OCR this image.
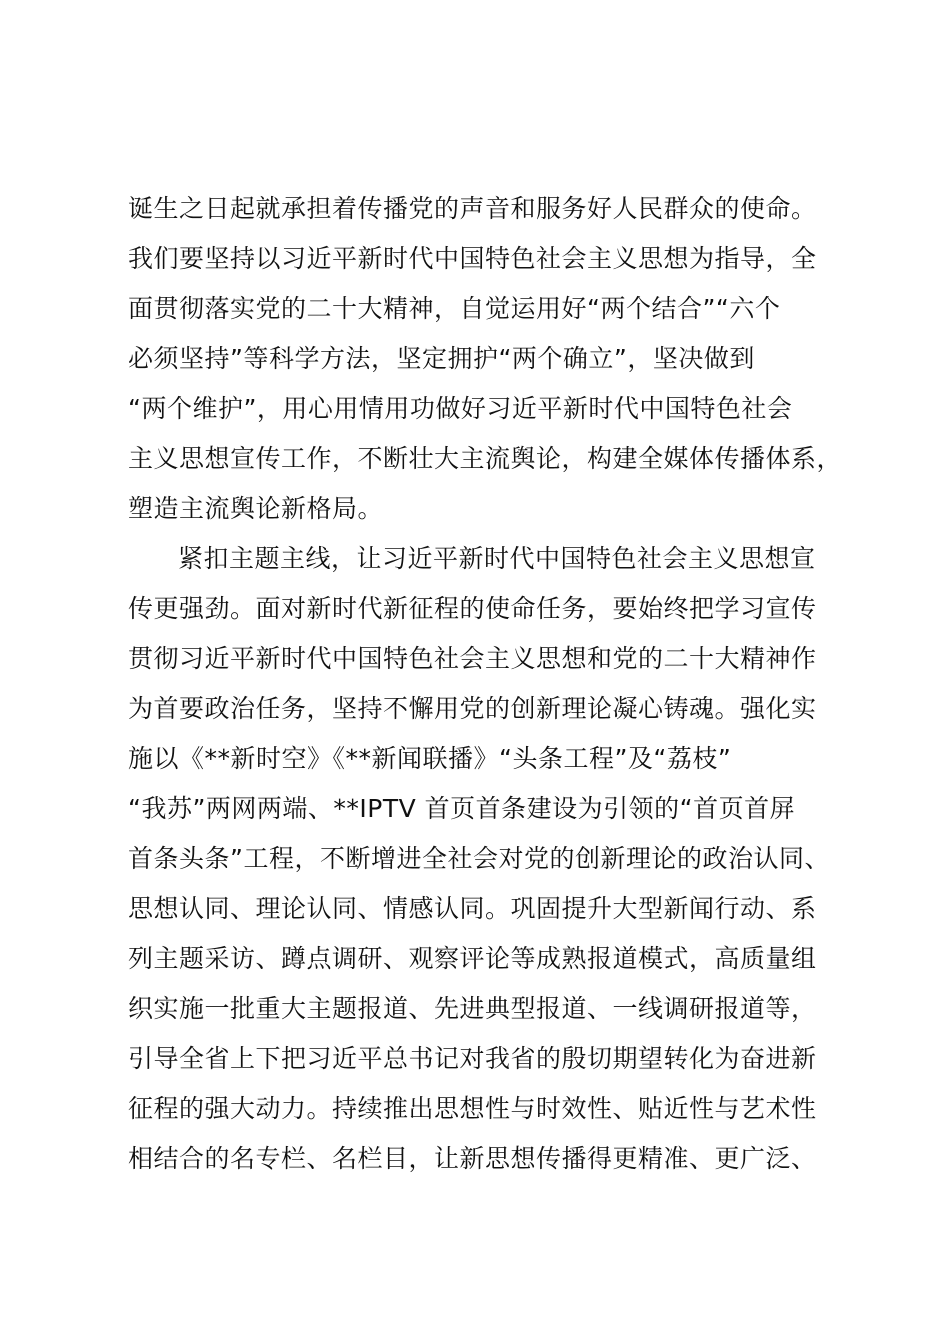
诞生之日起就承担着传播党的声音和服务好人民群众的使命。
我们要坚持以习近平新时代中国特色社会主义思想为指导，全
面贯彻落实党的二十大精神，自觉运用好“两个结合”“六个
必须坚持”等科学方法，坚定拥护“两个确立”，坚决做到
“两个维护”，用心用情用功做好习近平新时代中国特色社会
主义思想宣传工作，不断壮大主流舆论，构建全媒体传播体系，
塑造主流舆论新格局。
紧扣主题主线，让习近平新时代中国特色社会主义思想宣
传更强劲。面对新时代新征程的使命任务，要始终把学习宣传
贯彻习近平新时代中国特色社会主义思想和党的二十大精神作
为首要政治任务，坚持不懈用党的创新理论凝心铸魂。强化实
施以《**新时空》《**新闻联播》“头条工程”及“荔枝”
“我苏”两网两端、**IPTV 首页首条建设为引领的“首页首屏
首条头条”工程，不断增进全社会对党的创新理论的政治认同、
思想认同、理论认同、情感认同。巩固提升大型新闻行动、系
列主题采访、蹲点调研、观察评论等成熟报道模式，高质量组
织实施一批重大主题报道、先进典型报道、一线调研报道等，
引导全省上下把习近平总书记对我省的殷切期望转化为奋进新
征程的强大动力。持续推出思想性与时效性、贴近性与艺术性
相结合的名专栏、名栏目，让新思想传播得更精准、更广泛、
